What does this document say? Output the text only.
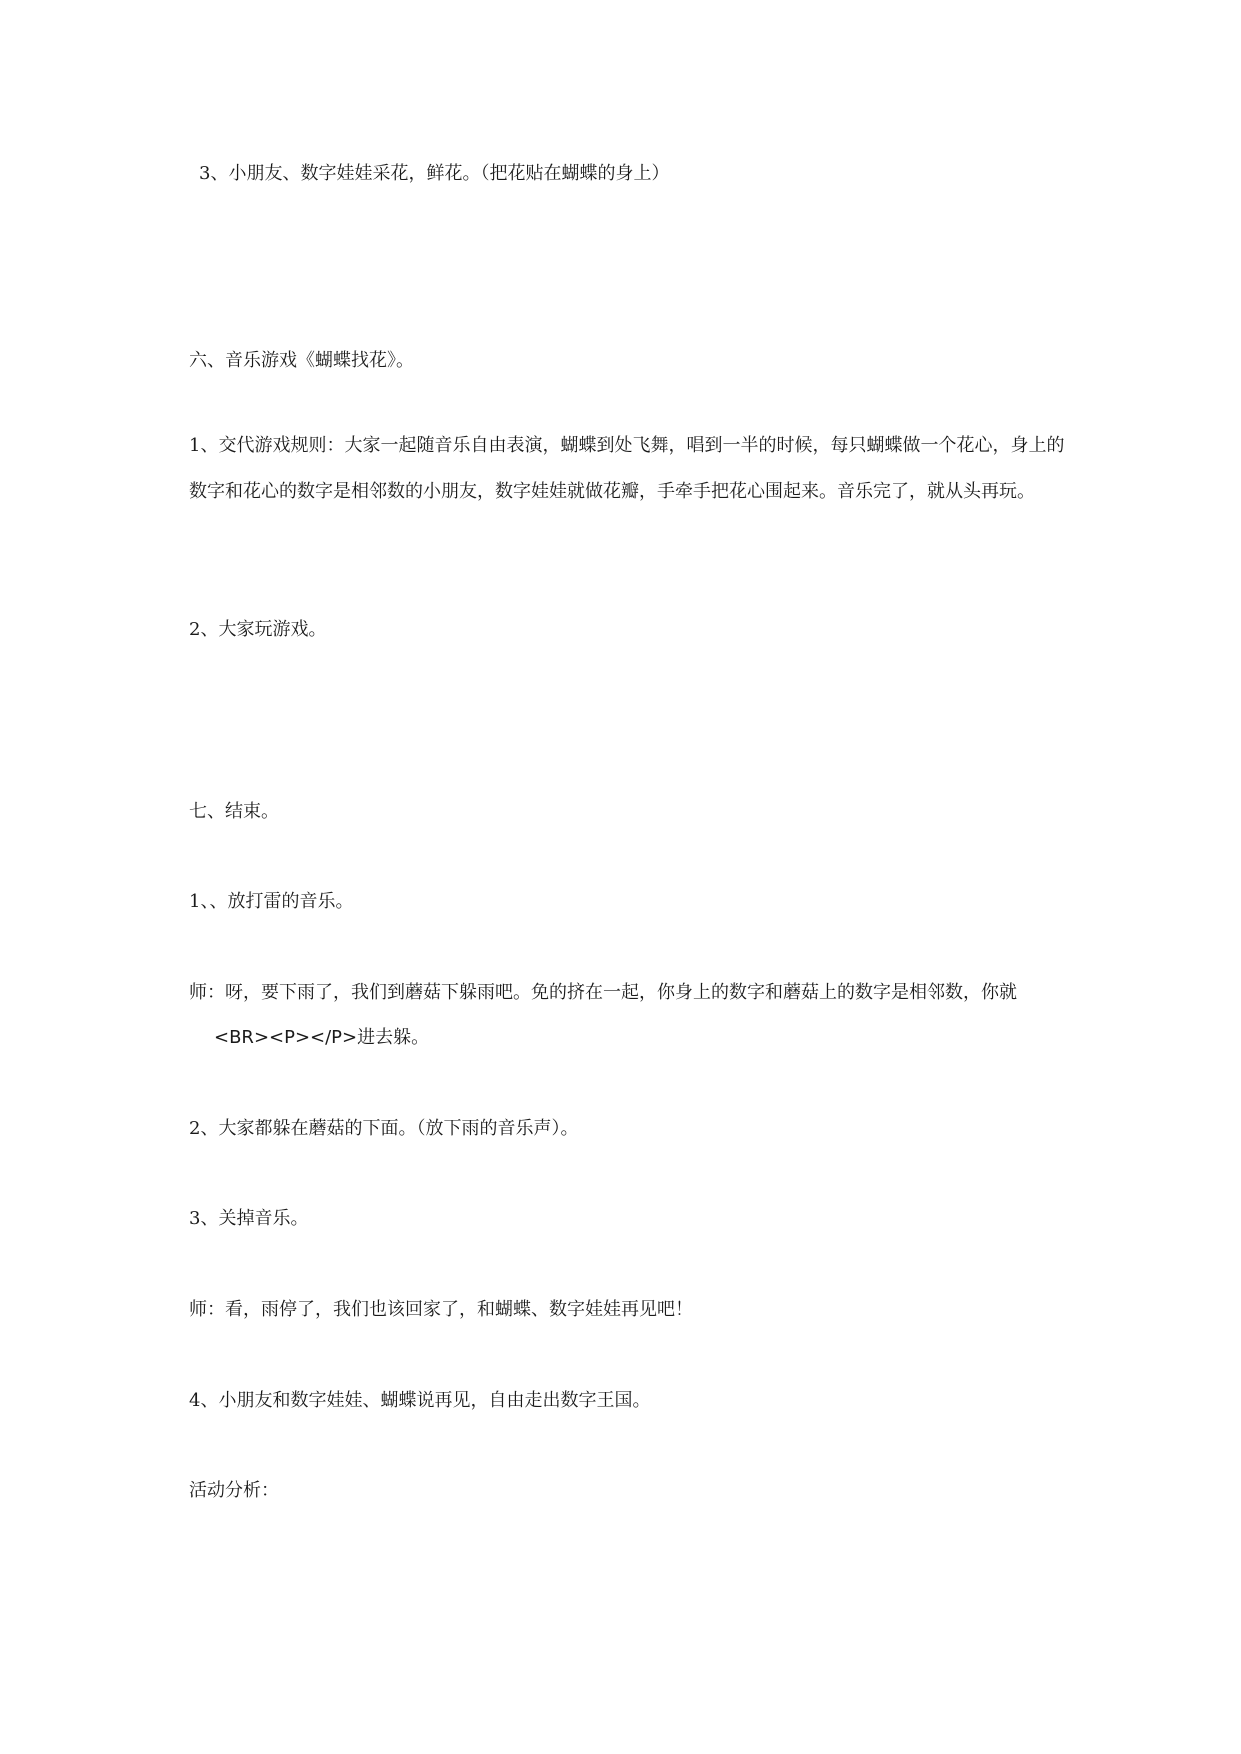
3、小朋友、数字娃娃采花，鲜花。（把花贴在蝴蝶的身上）
六、音乐游戏《蝴蝶找花》。
1、交代游戏规则：大家一起随音乐自由表演，蝴蝶到处飞舞，唱到一半的时候，每只蝴蝶做一个花心，身上的数字和花心的数字是相邻数的小朋友，数字娃娃就做花瓣，手牵手把花心围起来。音乐完了，就从头再玩。
2、大家玩游戏。
七、结束。
1、、放打雷的音乐。
师：呀，要下雨了，我们到蘑菇下躲雨吧。免的挤在一起，你身上的数字和蘑菇上的数字是相邻数，你就
<BR><P></P>进去躲。
2、大家都躲在蘑菇的下面。（放下雨的音乐声）。
3、关掉音乐。
师：看，雨停了，我们也该回家了，和蝴蝶、数字娃娃再见吧！
4、小朋友和数字娃娃、蝴蝶说再见，自由走出数字王国。
活动分析：
